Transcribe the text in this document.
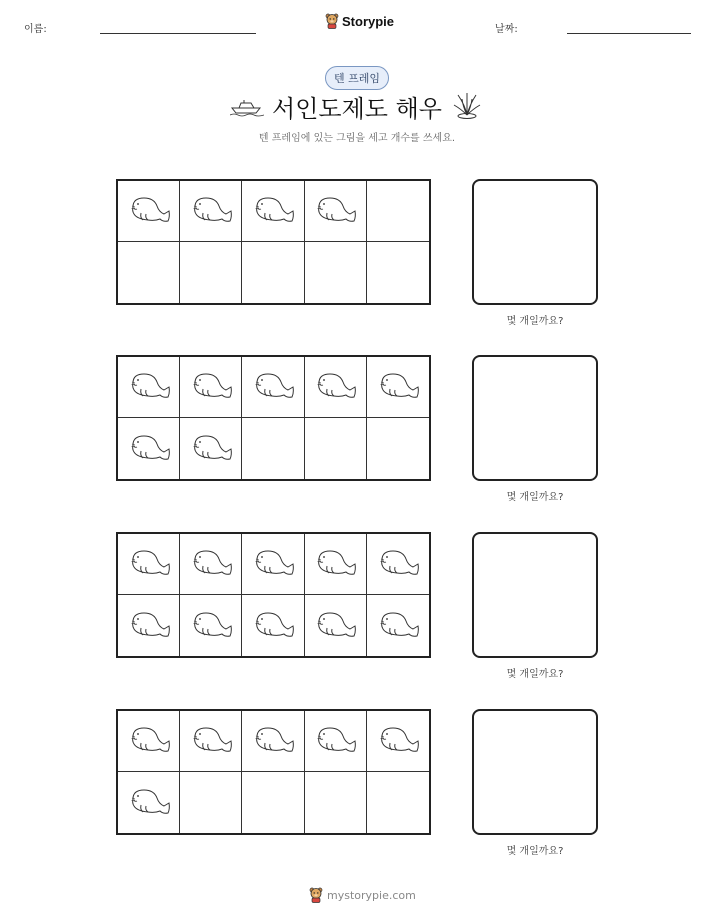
이름:
Storypie
날짜:
텐 프레임
서인도제도 해우
텐 프레임에 있는 그림을 세고 개수를 쓰세요.
몇 개일까요?
몇 개일까요?
몇 개일까요?
몇 개일까요?
mystorypie.com
